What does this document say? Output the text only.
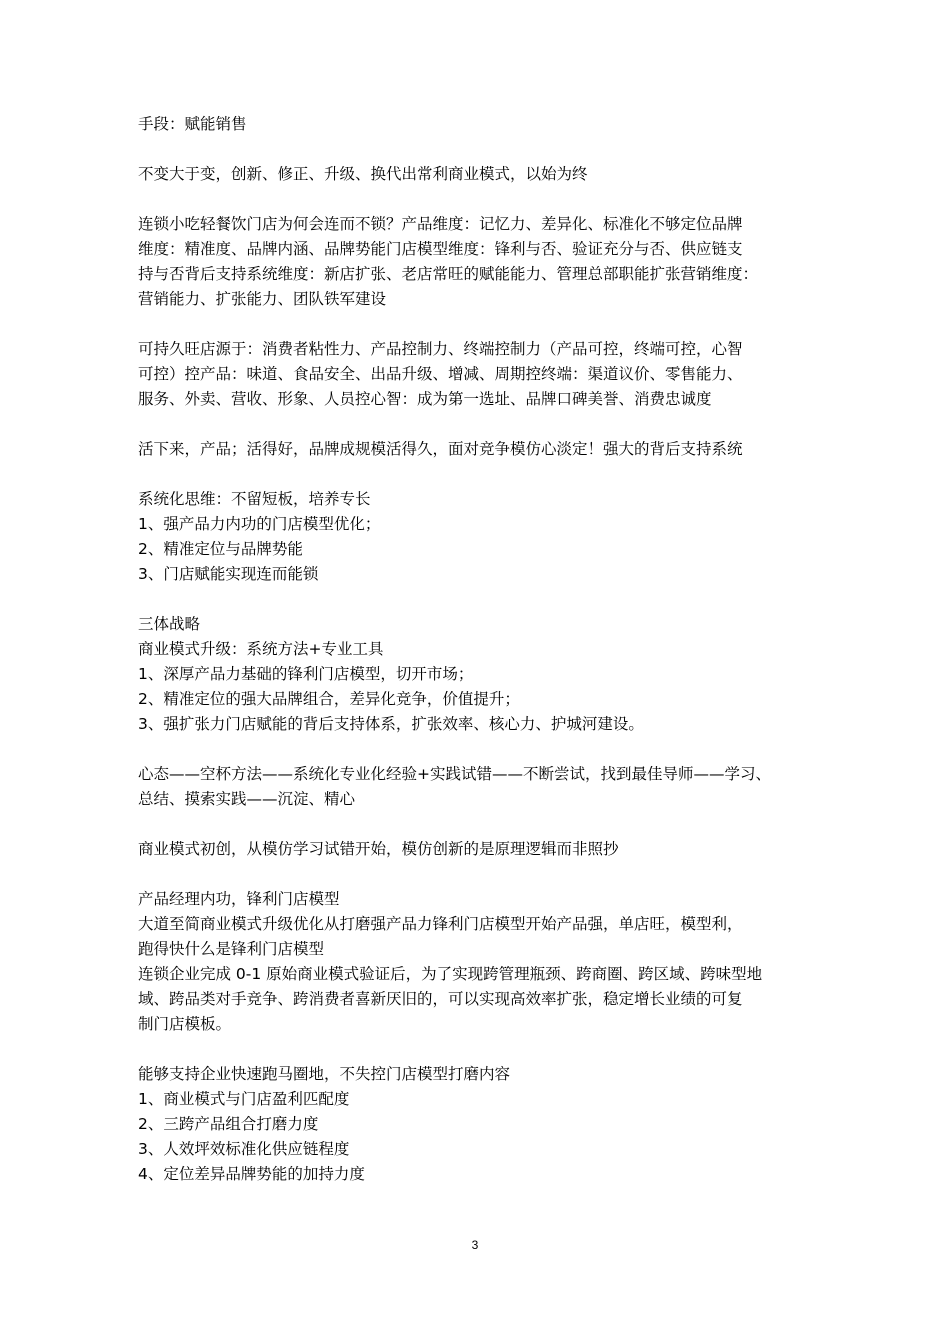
手段：赋能销售
不变大于变，创新、修正、升级、换代出常利商业模式，以始为终
连锁小吃轻餐饮门店为何会连而不锁？产品维度：记忆力、差异化、标准化不够定位品牌
维度：精准度、品牌内涵、品牌势能门店模型维度：锋利与否、验证充分与否、供应链支
持与否背后支持系统维度：新店扩张、老店常旺的赋能能力、管理总部职能扩张营销维度：
营销能力、扩张能力、团队铁军建设
可持久旺店源于：消费者粘性力、产品控制力、终端控制力（产品可控，终端可控，心智
可控）控产品：味道、食品安全、出品升级、增减、周期控终端：渠道议价、零售能力、
服务、外卖、营收、形象、人员控心智：成为第一选址、品牌口碑美誉、消费忠诚度
活下来，产品；活得好，品牌成规模活得久，面对竞争模仿心淡定！强大的背后支持系统
系统化思维：不留短板，培养专长
1、强产品力内功的门店模型优化；
2、精准定位与品牌势能
3、门店赋能实现连而能锁
三体战略
商业模式升级：系统方法+专业工具
1、深厚产品力基础的锋利门店模型，切开市场；
2、精准定位的强大品牌组合，差异化竞争，价值提升；
3、强扩张力门店赋能的背后支持体系，扩张效率、核心力、护城河建设。
心态——空杯方法——系统化专业化经验+实践试错——不断尝试，找到最佳导师——学习、
总结、摸索实践——沉淀、精心
商业模式初创，从模仿学习试错开始，模仿创新的是原理逻辑而非照抄
产品经理内功，锋利门店模型
大道至简商业模式升级优化从打磨强产品力锋利门店模型开始产品强，单店旺，模型利，
跑得快什么是锋利门店模型
连锁企业完成 0-1 原始商业模式验证后，为了实现跨管理瓶颈、跨商圈、跨区域、跨味型地
域、跨品类对手竞争、跨消费者喜新厌旧的，可以实现高效率扩张，稳定增长业绩的可复
制门店模板。
能够支持企业快速跑马圈地，不失控门店模型打磨内容
1、商业模式与门店盈利匹配度
2、三跨产品组合打磨力度
3、人效坪效标准化供应链程度
4、定位差异品牌势能的加持力度
3
